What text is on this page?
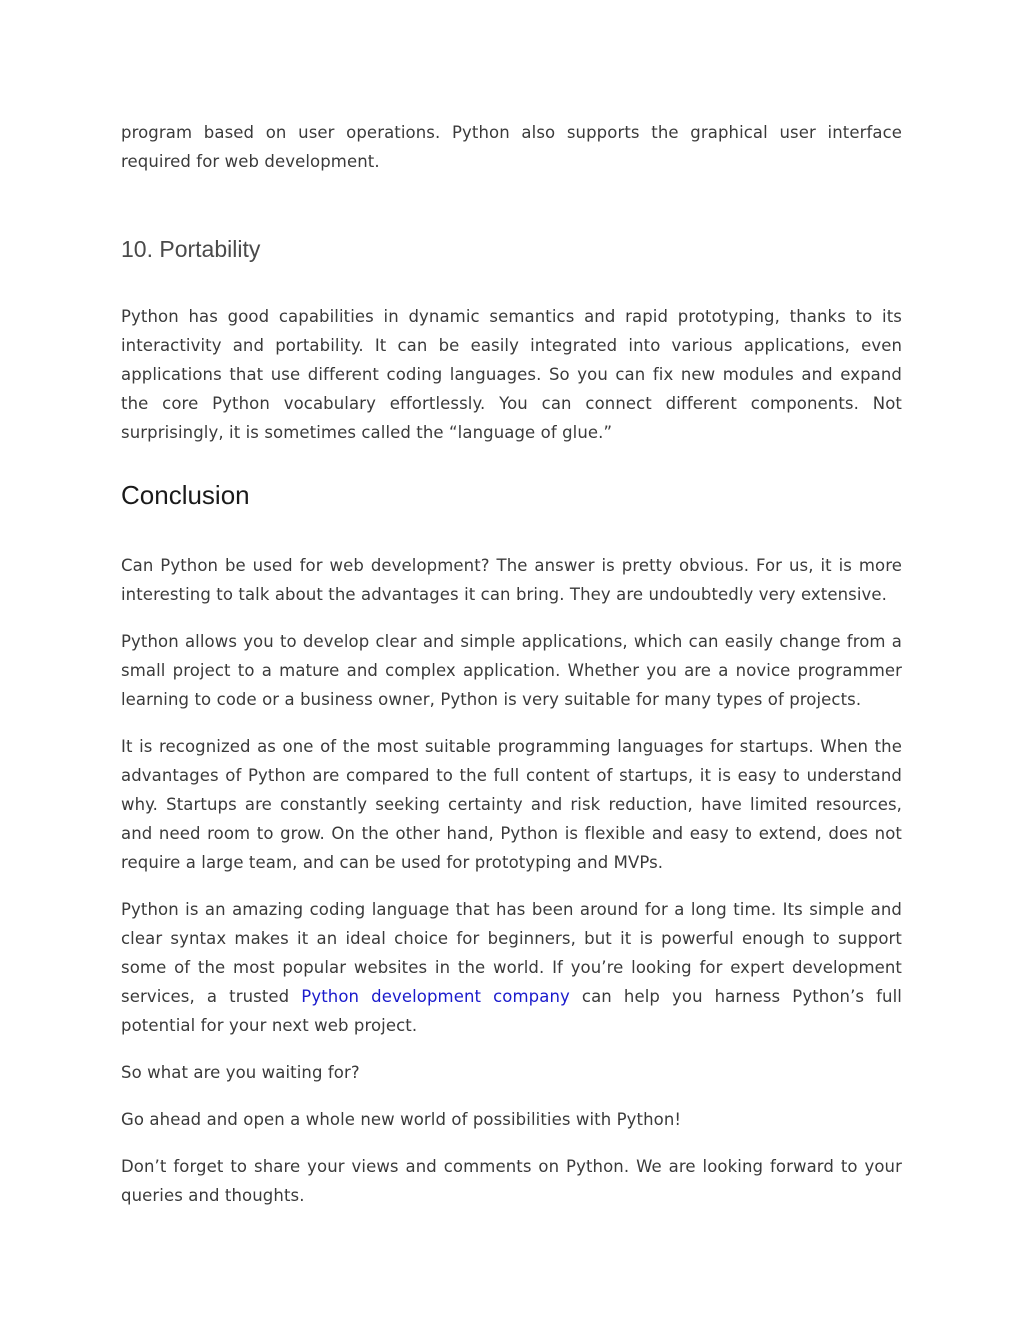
program based on user operations. Python also supports the graphical user interface required for web development.

10. Portability

Python has good capabilities in dynamic semantics and rapid prototyping, thanks to its interactivity and portability. It can be easily integrated into various applications, even applications that use different coding languages. So you can fix new modules and expand the core Python vocabulary effortlessly. You can connect different components. Not surprisingly, it is sometimes called the “language of glue.”

Conclusion

Can Python be used for web development? The answer is pretty obvious. For us, it is more interesting to talk about the advantages it can bring. They are undoubtedly very extensive.

Python allows you to develop clear and simple applications, which can easily change from a small project to a mature and complex application. Whether you are a novice programmer learning to code or a business owner, Python is very suitable for many types of projects.

It is recognized as one of the most suitable programming languages for startups. When the advantages of Python are compared to the full content of startups, it is easy to understand why. Startups are constantly seeking certainty and risk reduction, have limited resources, and need room to grow. On the other hand, Python is flexible and easy to extend, does not require a large team, and can be used for prototyping and MVPs.

Python is an amazing coding language that has been around for a long time. Its simple and clear syntax makes it an ideal choice for beginners, but it is powerful enough to support some of the most popular websites in the world. If you’re looking for expert development services, a trusted Python development company can help you harness Python’s full potential for your next web project.

So what are you waiting for?

Go ahead and open a whole new world of possibilities with Python!

Don’t forget to share your views and comments on Python. We are looking forward to your queries and thoughts.
